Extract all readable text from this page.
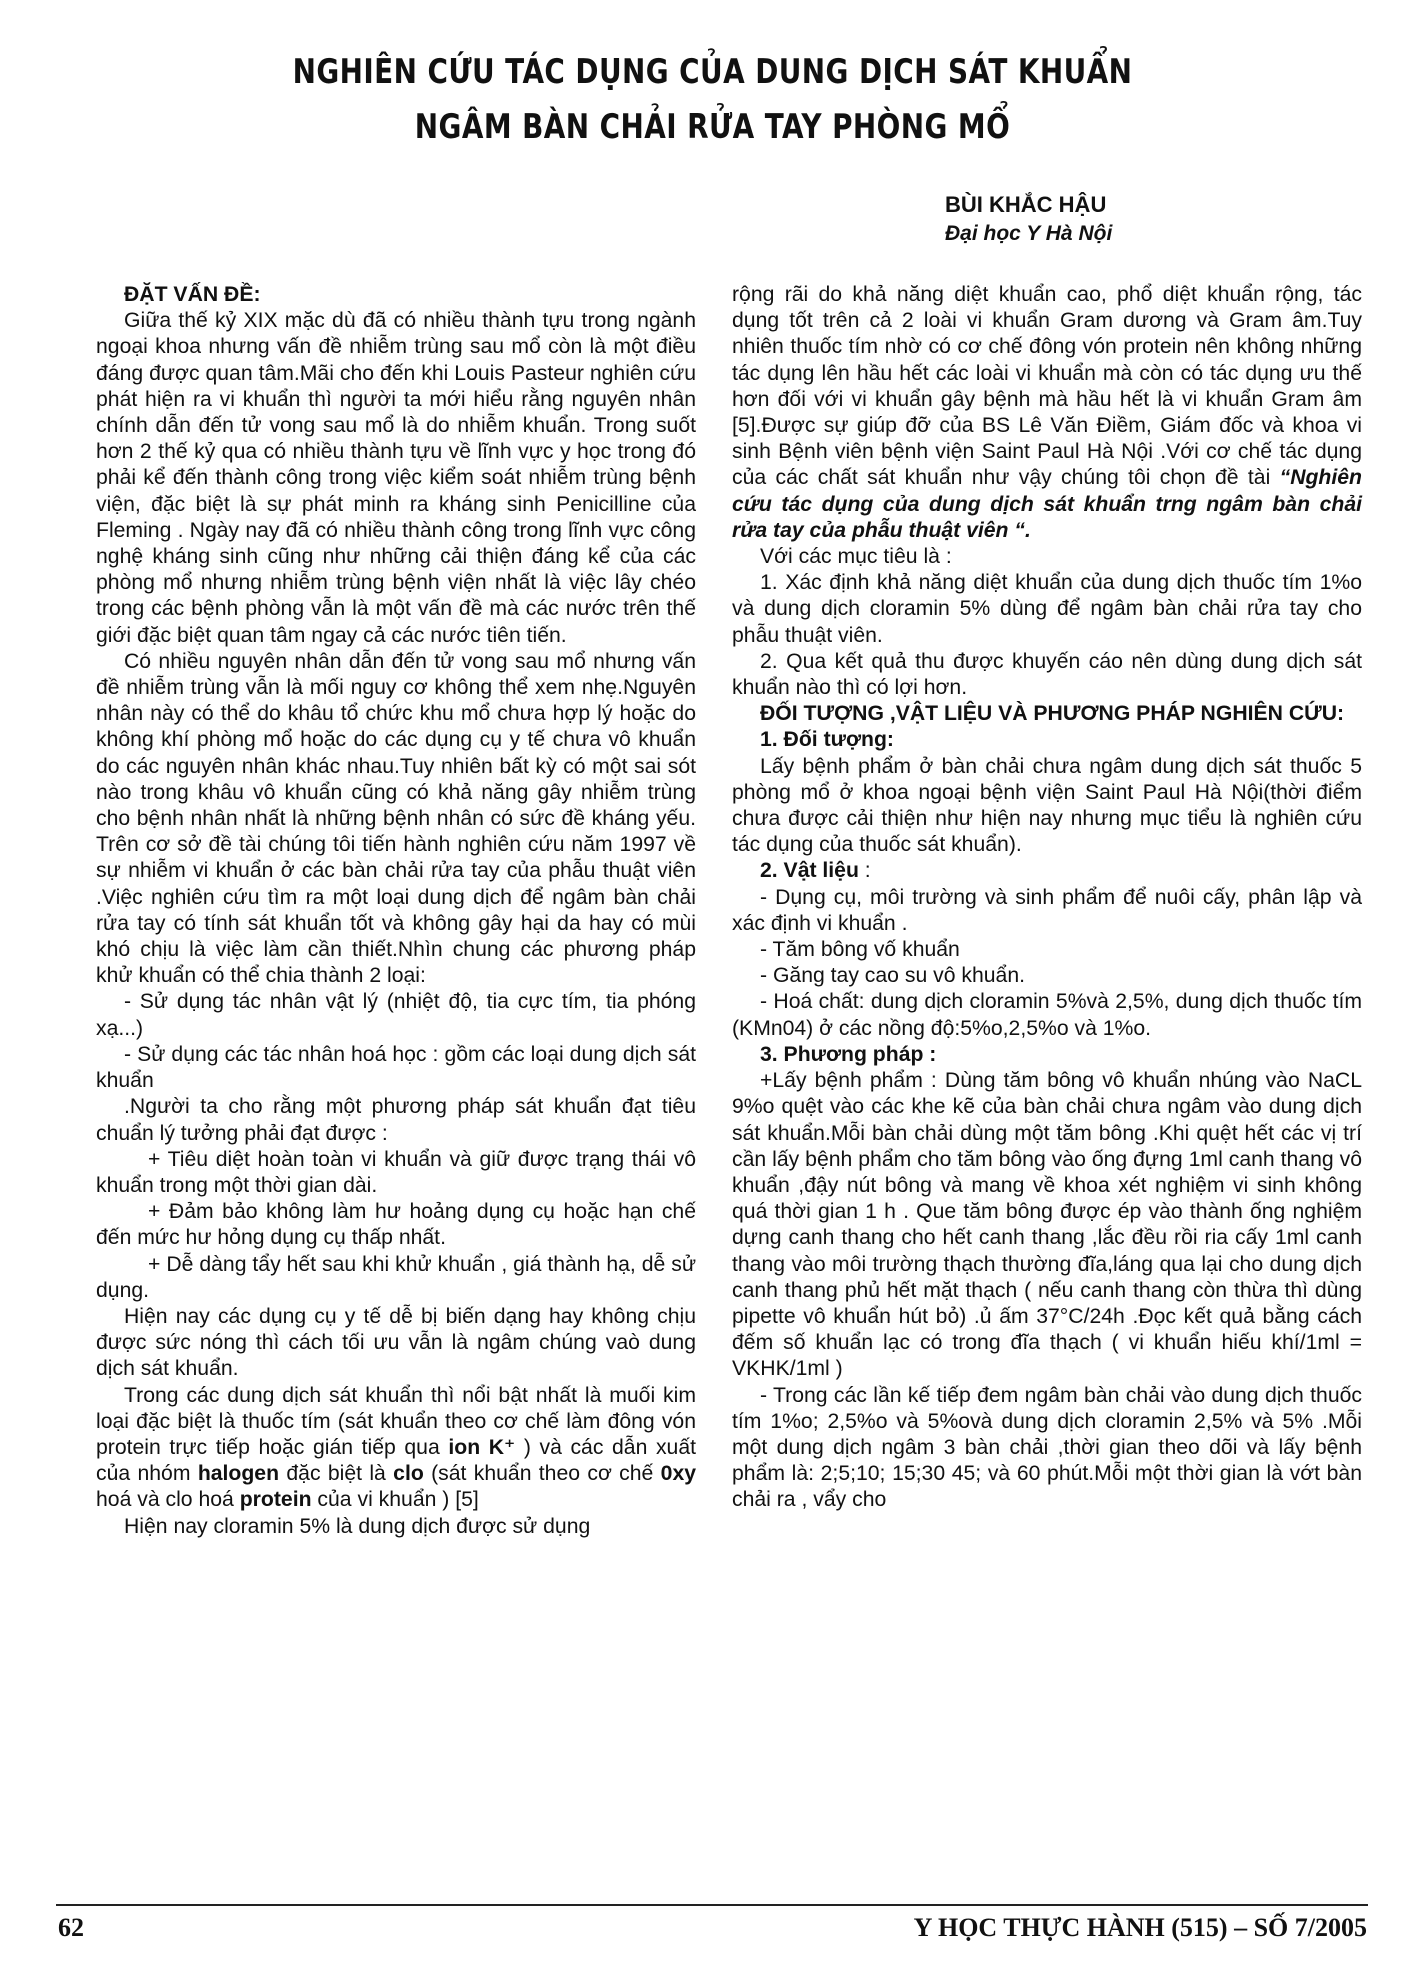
NGHIÊN CỨU TÁC DỤNG CỦA DUNG DỊCH SÁT KHUẨN
NGÂM BÀN CHẢI RỬA TAY PHÒNG MỔ
BÙI KHẮC HẬU
Đại học Y Hà Nội

ĐẶT VẤN ĐỀ:

Giữa thế kỷ XIX mặc dù đã có nhiều thành tựu trong ngành ngoại khoa nhưng vấn đề nhiễm trùng sau mổ còn là một điều đáng được quan tâm.Mãi cho đến khi Louis Pasteur nghiên cứu phát hiện ra vi khuẩn thì người ta mới hiểu rằng nguyên nhân chính dẫn đến tử vong sau mổ là do nhiễm khuẩn. Trong suốt hơn 2 thế kỷ qua có nhiều thành tựu về lĩnh vực y học trong đó phải kể đến thành công trong việc kiểm soát nhiễm trùng bệnh viện, đặc biệt là sự phát minh ra kháng sinh Penicilline của Fleming . Ngày nay đã có nhiều thành công trong lĩnh vực công nghệ kháng sinh cũng như những cải thiện đáng kể của các phòng mổ nhưng nhiễm trùng bệnh viện nhất là việc lây chéo trong các bệnh phòng vẫn là một vấn đề mà các nước trên thế giới đặc biệt quan tâm ngay cả các nước tiên tiến.

Có nhiều nguyên nhân dẫn đến tử vong sau mổ nhưng vấn đề nhiễm trùng vẫn là mối nguy cơ không thể xem nhẹ.Nguyên nhân này có thể do khâu tổ chức khu mổ chưa hợp lý hoặc do không khí phòng mổ hoặc do các dụng cụ y tế chưa vô khuẩn do các nguyên nhân khác nhau.Tuy nhiên bất kỳ có một sai sót nào trong khâu vô khuẩn cũng có khả năng gây nhiễm trùng cho bệnh nhân nhất là những bệnh nhân có sức đề kháng yếu. Trên cơ sở đề tài chúng tôi tiến hành nghiên cứu năm 1997 về sự nhiễm vi khuẩn ở các bàn chải rửa tay của phẫu thuật viên .Việc nghiên cứu tìm ra một loại dung dịch để ngâm bàn chải rửa tay có tính sát khuẩn tốt và không gây hại da hay có mùi khó chịu là việc làm cần thiết.Nhìn chung các phương pháp khử khuẩn có thể chia thành 2 loại:

- Sử dụng tác nhân vật lý (nhiệt độ, tia cực tím, tia phóng xạ...)

- Sử dụng các tác nhân hoá học : gồm các loại dung dịch sát khuẩn

.Người ta cho rằng một phương pháp sát khuẩn đạt tiêu chuẩn lý tưởng phải đạt được :

+ Tiêu diệt hoàn toàn vi khuẩn và giữ được trạng thái vô khuẩn trong một thời gian dài.

+ Đảm bảo không làm hư hoảng dụng cụ hoặc hạn chế đến mức hư hỏng dụng cụ thấp nhất.

+ Dễ dàng tẩy hết sau khi khử khuẩn , giá thành hạ, dễ sử dụng.

Hiện nay các dụng cụ y tế dễ bị biến dạng hay không chịu được sức nóng thì cách tối ưu vẫn là ngâm chúng vaò dung dịch sát khuẩn.

Trong các dung dịch sát khuẩn thì nổi bật nhất là muối kim loại đặc biệt là thuốc tím (sát khuẩn theo cơ chế làm đông vón protein trực tiếp hoặc gián tiếp qua ion K⁺ ) và các dẫn xuất của nhóm halogen đặc biệt là clo (sát khuẩn theo cơ chế 0xy hoá và clo hoá protein của vi khuẩn ) [5]

Hiện nay cloramin 5% là dung dịch được sử dụng

rộng rãi do khả năng diệt khuẩn cao, phổ diệt khuẩn rộng, tác dụng tốt trên cả 2 loài vi khuẩn Gram dương và Gram âm.Tuy nhiên thuốc tím nhờ có cơ chế đông vón protein nên không những tác dụng lên hầu hết các loài vi khuẩn mà còn có tác dụng ưu thế hơn đối với vi khuẩn gây bệnh mà hầu hết là vi khuẩn Gram âm [5].Được sự giúp đỡ của BS Lê Văn Điềm, Giám đốc và khoa vi sinh Bệnh viên bệnh viện Saint Paul Hà Nội .Với cơ chế tác dụng của các chất sát khuẩn như vậy chúng tôi chọn đề tài “Nghiên cứu tác dụng của dung dịch sát khuẩn trng ngâm bàn chải rửa tay của phẫu thuật viên “.

Với các mục tiêu là :

1. Xác định khả năng diệt khuẩn của dung dịch thuốc tím 1%o và dung dịch cloramin 5% dùng để ngâm bàn chải rửa tay cho phẫu thuật viên.

2. Qua kết quả thu được khuyến cáo nên dùng dung dịch sát khuẩn nào thì có lợi hơn.

ĐỐI TƯỢNG ,VẬT LIỆU VÀ PHƯƠNG PHÁP NGHIÊN CỨU:

1. Đối tượng:

Lấy bệnh phẩm ở bàn chải chưa ngâm dung dịch sát thuốc 5 phòng mổ ở khoa ngoại bệnh viện Saint Paul Hà Nội(thời điểm chưa được cải thiện như hiện nay nhưng mục tiểu là nghiên cứu tác dụng của thuốc sát khuẩn).

2. Vật liệu :

- Dụng cụ, môi trường và sinh phẩm để nuôi cấy, phân lập và xác định vi khuẩn .

- Tăm bông vố khuẩn

- Găng tay cao su vô khuẩn.

- Hoá chất: dung dịch cloramin 5%và 2,5%, dung dịch thuốc tím (KMn04) ở các nồng độ:5%o,2,5%o và 1%o.

3. Phương pháp :

+Lấy bệnh phẩm : Dùng tăm bông vô khuẩn nhúng vào NaCL 9%o quệt vào các khe kẽ của bàn chải chưa ngâm vào dung dịch sát khuẩn.Mỗi bàn chải dùng một tăm bông .Khi quệt hết các vị trí cần lấy bệnh phẩm cho tăm bông vào ống đựng 1ml canh thang vô khuẩn ,đậy nút bông và mang về khoa xét nghiệm vi sinh không quá thời gian 1 h . Que tăm bông được ép vào thành ống nghiệm dựng canh thang cho hết canh thang ,lắc đều rồi ria cấy 1ml canh thang vào môi trường thạch thường đĩa,láng qua lại cho dung dịch canh thang phủ hết mặt thạch ( nếu canh thang còn thừa thì dùng pipette vô khuẩn hút bỏ) .ủ ấm 37°C/24h .Đọc kết quả bằng cách đếm số khuẩn lạc có trong đĩa thạch ( vi khuẩn hiếu khí/1ml = VKHK/1ml )

- Trong các lần kế tiếp đem ngâm bàn chải vào dung dịch thuốc tím 1%o; 2,5%o và 5%ovà dung dịch cloramin 2,5% và 5% .Mỗi một dung dịch ngâm 3 bàn chải ,thời gian theo dõi và lấy bệnh phẩm là: 2;5;10; 15;30 45; và 60 phút.Mỗi một thời gian là vớt bàn chải ra , vẩy cho

62	Y HỌC THỰC HÀNH (515) – SỐ 7/2005
